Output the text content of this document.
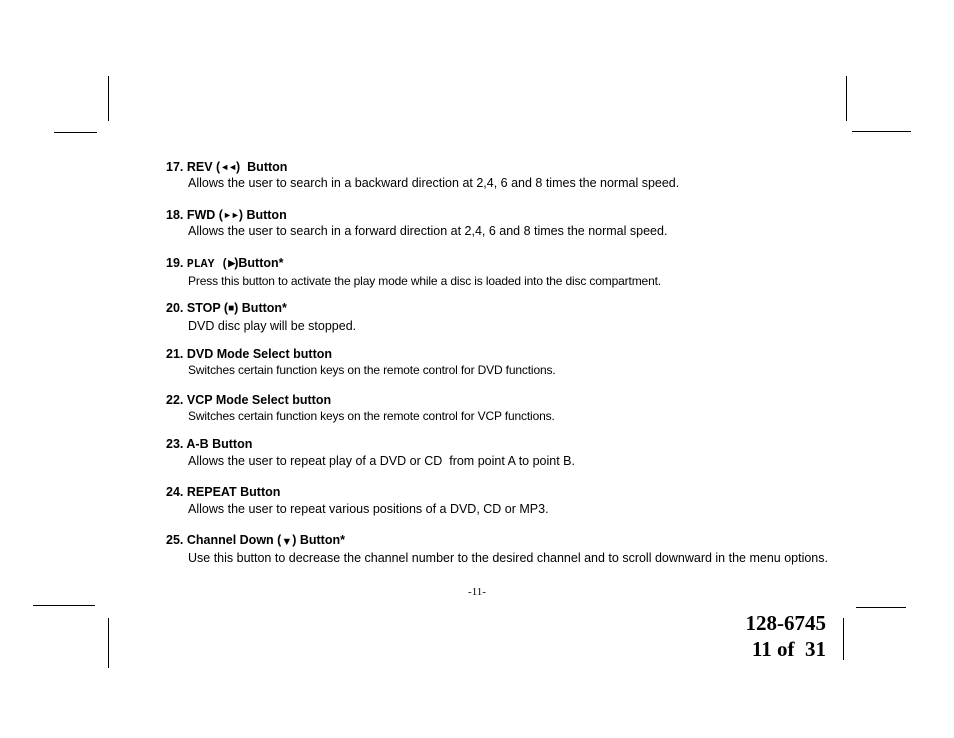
17. REV (◄◄)  Button
Allows the user to search in a backward direction at 2,4, 6 and 8 times the normal speed.
18. FWD (►►) Button
Allows the user to search in a forward direction at 2,4, 6 and 8 times the normal speed.
19. PLAY (▶)Button*
Press this button to activate the play mode while a disc is loaded into the disc compartment.
20. STOP (■) Button*
DVD disc play will be stopped.
21. DVD Mode Select button
Switches certain function keys on the remote control for DVD functions.
22. VCP Mode Select button
Switches certain function keys on the remote control for VCP functions.
23. A-B Button
Allows the user to repeat play of a DVD or CD  from point A to point B.
24. REPEAT Button
Allows the user to repeat various positions of a DVD, CD or MP3.
25. Channel Down (▼) Button*
Use this button to decrease the channel number to the desired channel and to scroll downward in the menu options.
-11-
128-6745
11 of  31
